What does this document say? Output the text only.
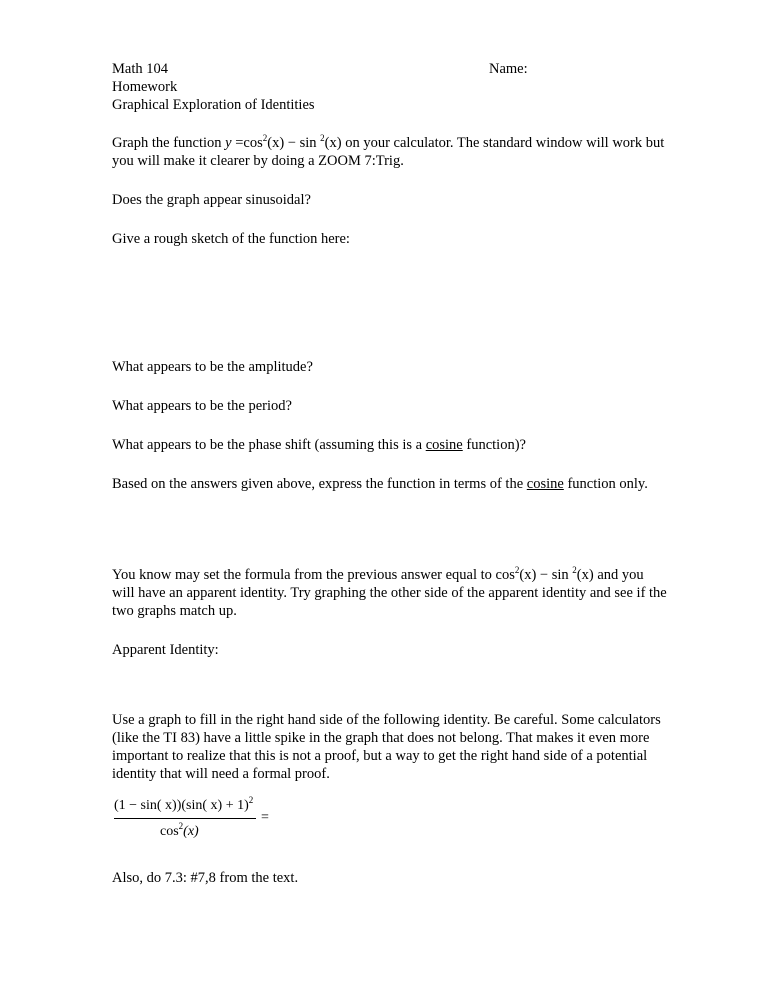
Math 104
Homework
Graphical Exploration of Identities
Name:
Graph the function $y =\cos^2(x) - \sin ^2(x)$ on your calculator. The standard window will work but
you will make it clearer by doing a ZOOM 7:Trig.
Does the graph appear sinusoidal?
Give a rough sketch of the function here:
What appears to be the amplitude?
What appears to be the period?
What appears to be the phase shift (assuming this is a cosine function)?
Based on the answers given above, express the function in terms of the cosine function only.
You know may set the formula from the previous answer equal to $\cos^2(x) - \sin ^2(x)$ and you
will have an apparent identity. Try graphing the other side of the apparent identity and see if the
two graphs match up.
Apparent Identity:
Use a graph to fill in the right hand side of the following identity. Be careful. Some calculators
(like the TI 83) have a little spike in the graph that does not belong. That makes it even more
important to realize that this is not a proof, but a way to get the right hand side of a potential
identity that will need a formal proof.
(1 − sin( x))(sin( x) + 1)$^2$
=
$\cos^2(x)$
Also, do 7.3: #7,8 from the text.
